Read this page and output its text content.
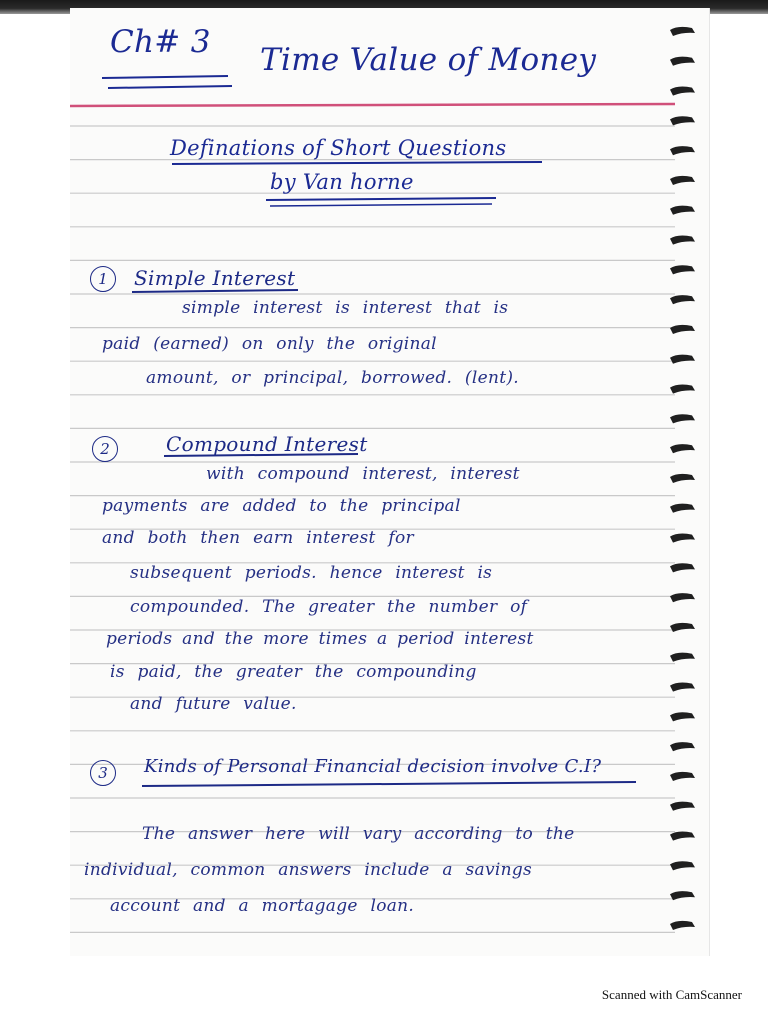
Ch# 3 Time Value of Money

Definations of Short Questions

by Van horne

1	Simple Interest

simple interest is interest that is

paid (earned) on only the original

amount, or principal, borrowed. (lent).

2	Compound Interest

with compound interest, interest

payments are added to the principal

and both then earn interest for

subsequent periods. hence interest is

compounded. The greater the number of

periods and the more times a period interest

is paid, the greater the compounding

and future value.

3	Kinds of Personal Financial decision involve C.I?

The answer here will vary according to the

individual, common answers include a savings

account and a mortagage loan.

Scanned with CamScanner
